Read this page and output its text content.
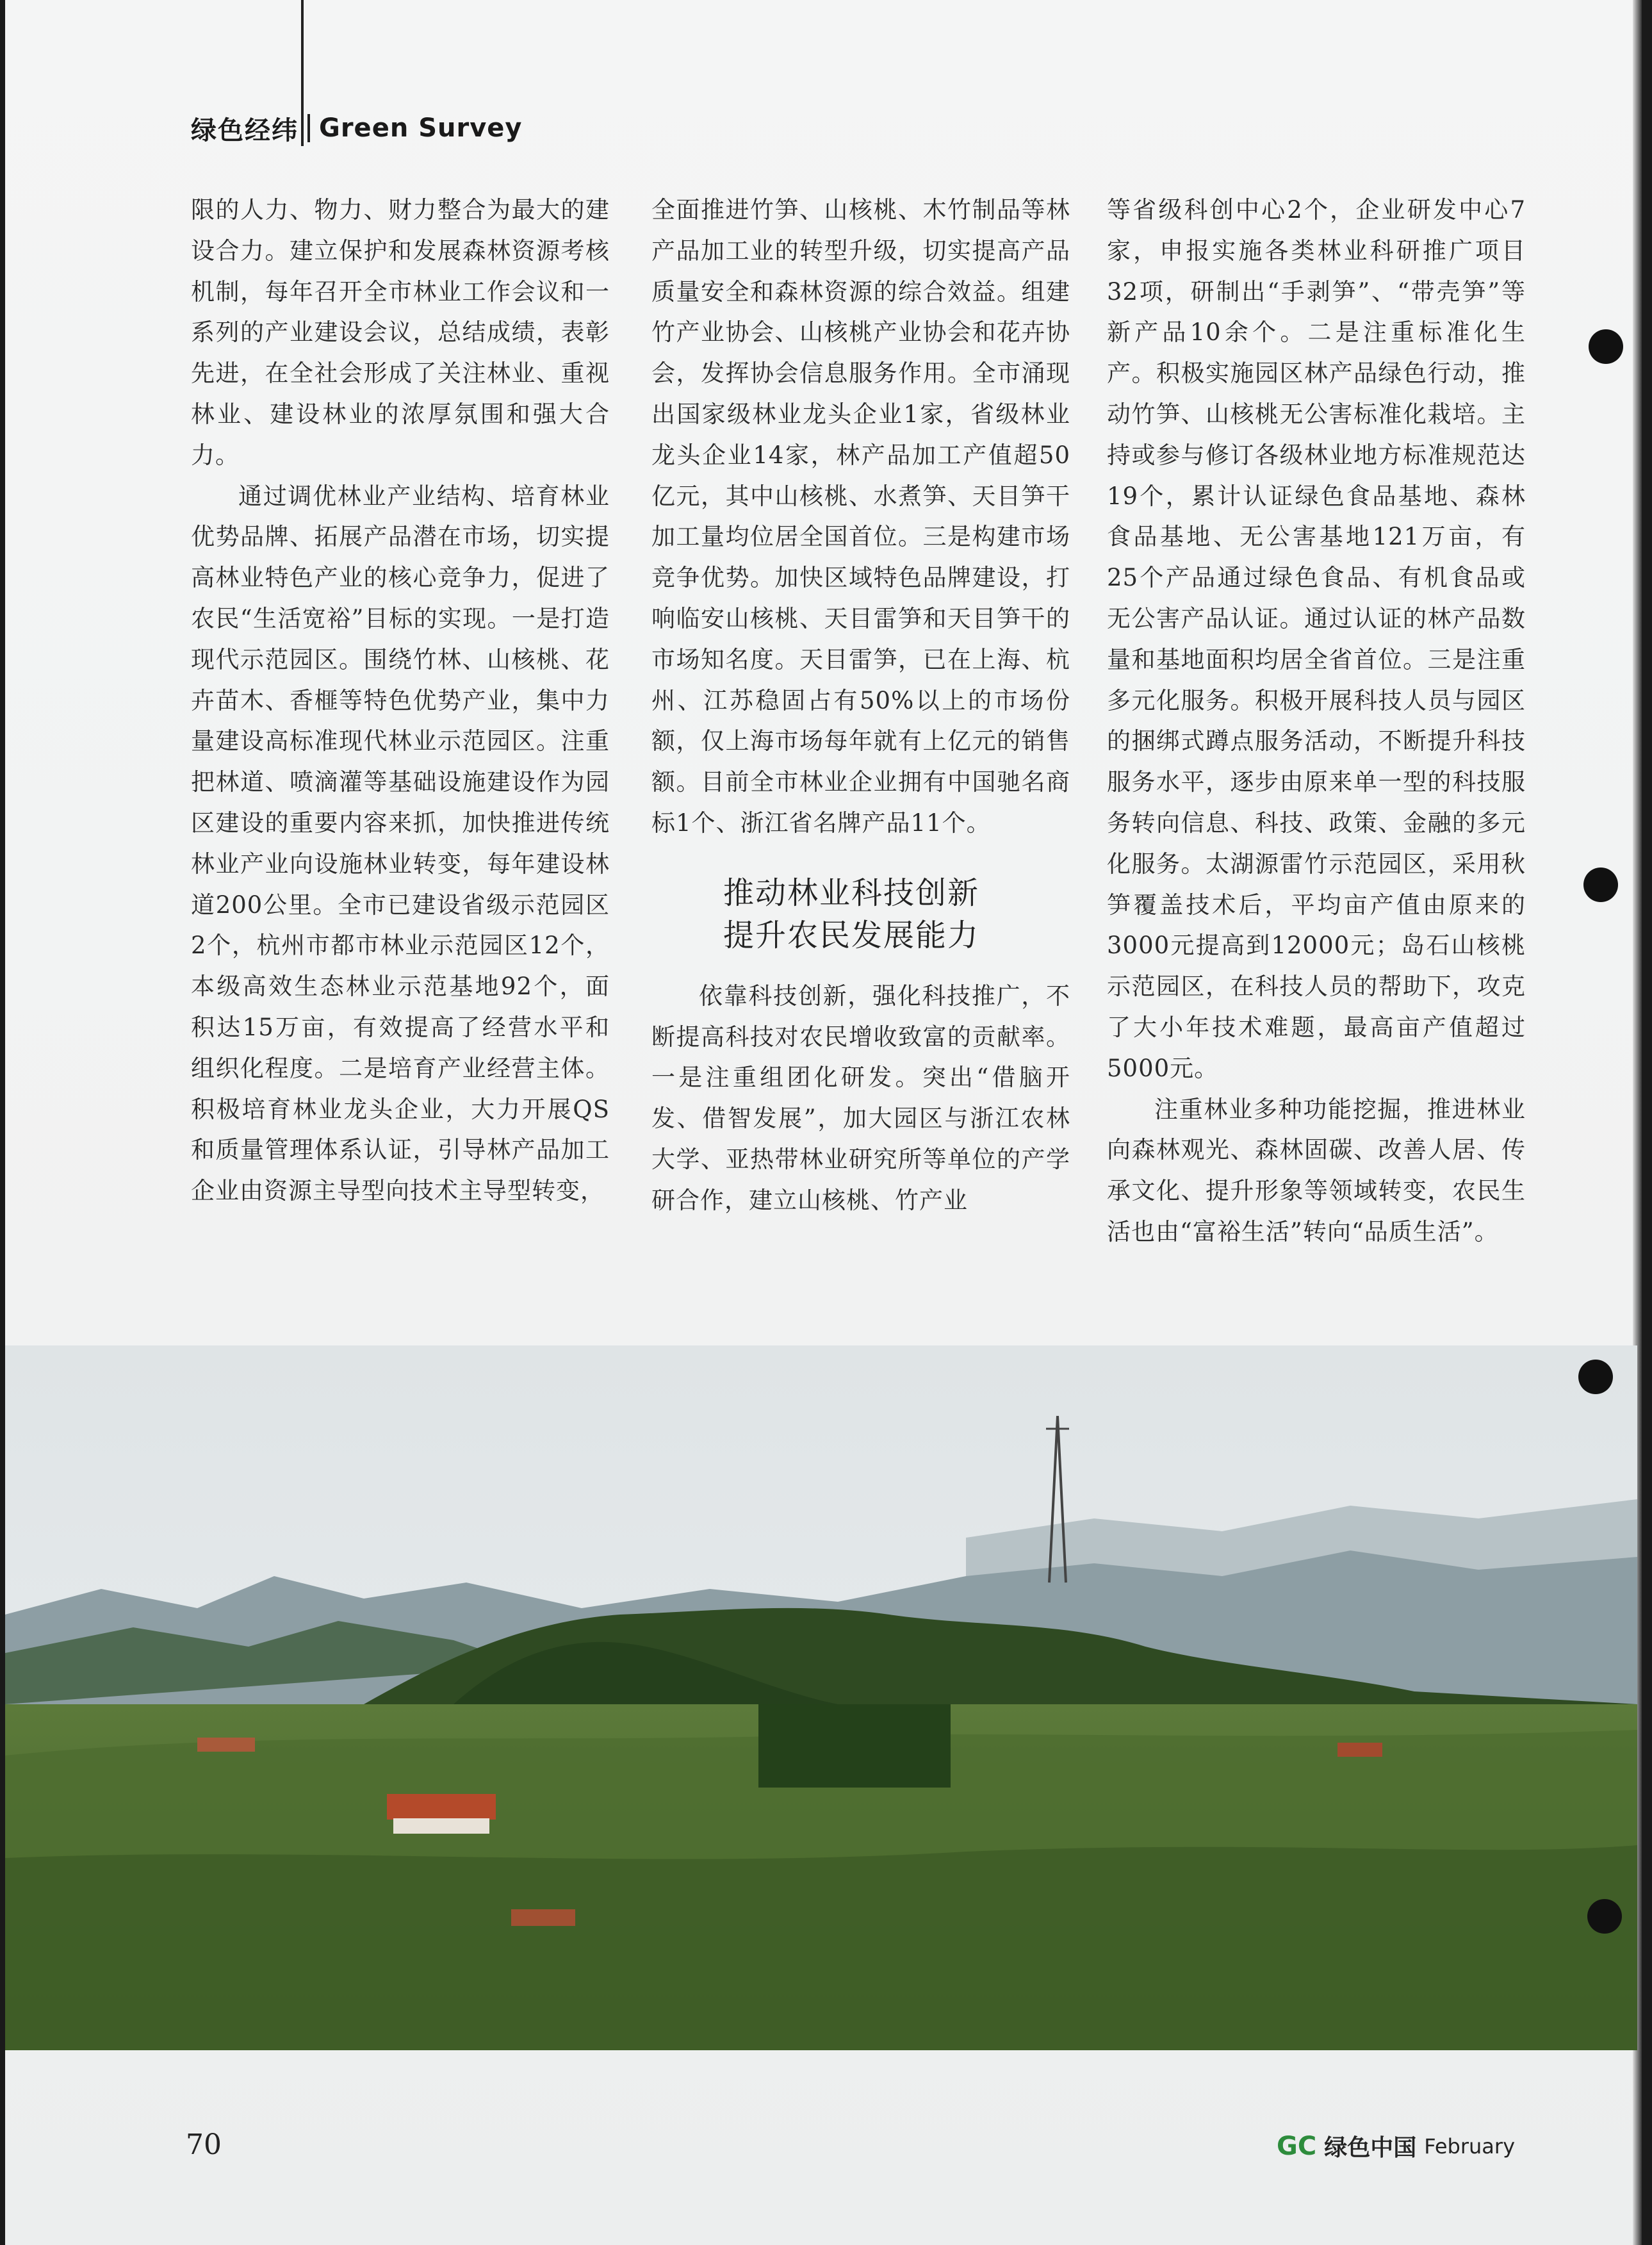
绿色经纬 Green Survey

限的人力、物力、财力整合为最大的建设合力。建立保护和发展森林资源考核机制，每年召开全市林业工作会议和一系列的产业建设会议，总结成绩，表彰先进，在全社会形成了关注林业、重视林业、建设林业的浓厚氛围和强大合力。

通过调优林业产业结构、培育林业优势品牌、拓展产品潜在市场，切实提高林业特色产业的核心竞争力，促进了农民“生活宽裕”目标的实现。一是打造现代示范园区。围绕竹林、山核桃、花卉苗木、香榧等特色优势产业，集中力量建设高标准现代林业示范园区。注重把林道、喷滴灌等基础设施建设作为园区建设的重要内容来抓，加快推进传统林业产业向设施林业转变，每年建设林道200公里。全市已建设省级示范园区2个，杭州市都市林业示范园区12个，本级高效生态林业示范基地92个，面积达15万亩，有效提高了经营水平和组织化程度。二是培育产业经营主体。积极培育林业龙头企业，大力开展QS和质量管理体系认证，引导林产品加工企业由资源主导型向技术主导型转变，

全面推进竹笋、山核桃、木竹制品等林产品加工业的转型升级，切实提高产品质量安全和森林资源的综合效益。组建竹产业协会、山核桃产业协会和花卉协会，发挥协会信息服务作用。全市涌现出国家级林业龙头企业1家，省级林业龙头企业14家，林产品加工产值超50亿元，其中山核桃、水煮笋、天目笋干加工量均位居全国首位。三是构建市场竞争优势。加快区域特色品牌建设，打响临安山核桃、天目雷笋和天目笋干的市场知名度。天目雷笋，已在上海、杭州、江苏稳固占有50%以上的市场份额，仅上海市场每年就有上亿元的销售额。目前全市林业企业拥有中国驰名商标1个、浙江省名牌产品11个。

推动林业科技创新
提升农民发展能力

依靠科技创新，强化科技推广，不断提高科技对农民增收致富的贡献率。一是注重组团化研发。突出“借脑开发、借智发展”，加大园区与浙江农林大学、亚热带林业研究所等单位的产学研合作，建立山核桃、竹产业

等省级科创中心2个，企业研发中心7家，申报实施各类林业科研推广项目32项，研制出“手剥笋”、“带壳笋”等新产品10余个。二是注重标准化生产。积极实施园区林产品绿色行动，推动竹笋、山核桃无公害标准化栽培。主持或参与修订各级林业地方标准规范达19个，累计认证绿色食品基地、森林食品基地、无公害基地121万亩，有25个产品通过绿色食品、有机食品或无公害产品认证。通过认证的林产品数量和基地面积均居全省首位。三是注重多元化服务。积极开展科技人员与园区的捆绑式蹲点服务活动，不断提升科技服务水平，逐步由原来单一型的科技服务转向信息、科技、政策、金融的多元化服务。太湖源雷竹示范园区，采用秋笋覆盖技术后，平均亩产值由原来的3000元提高到12000元；岛石山核桃示范园区，在科技人员的帮助下，攻克了大小年技术难题，最高亩产值超过5000元。

注重林业多种功能挖掘，推进林业向森林观光、森林固碳、改善人居、传承文化、提升形象等领域转变，农民生活也由“富裕生活”转向“品质生活”。

70	GC 绿色中国 February
